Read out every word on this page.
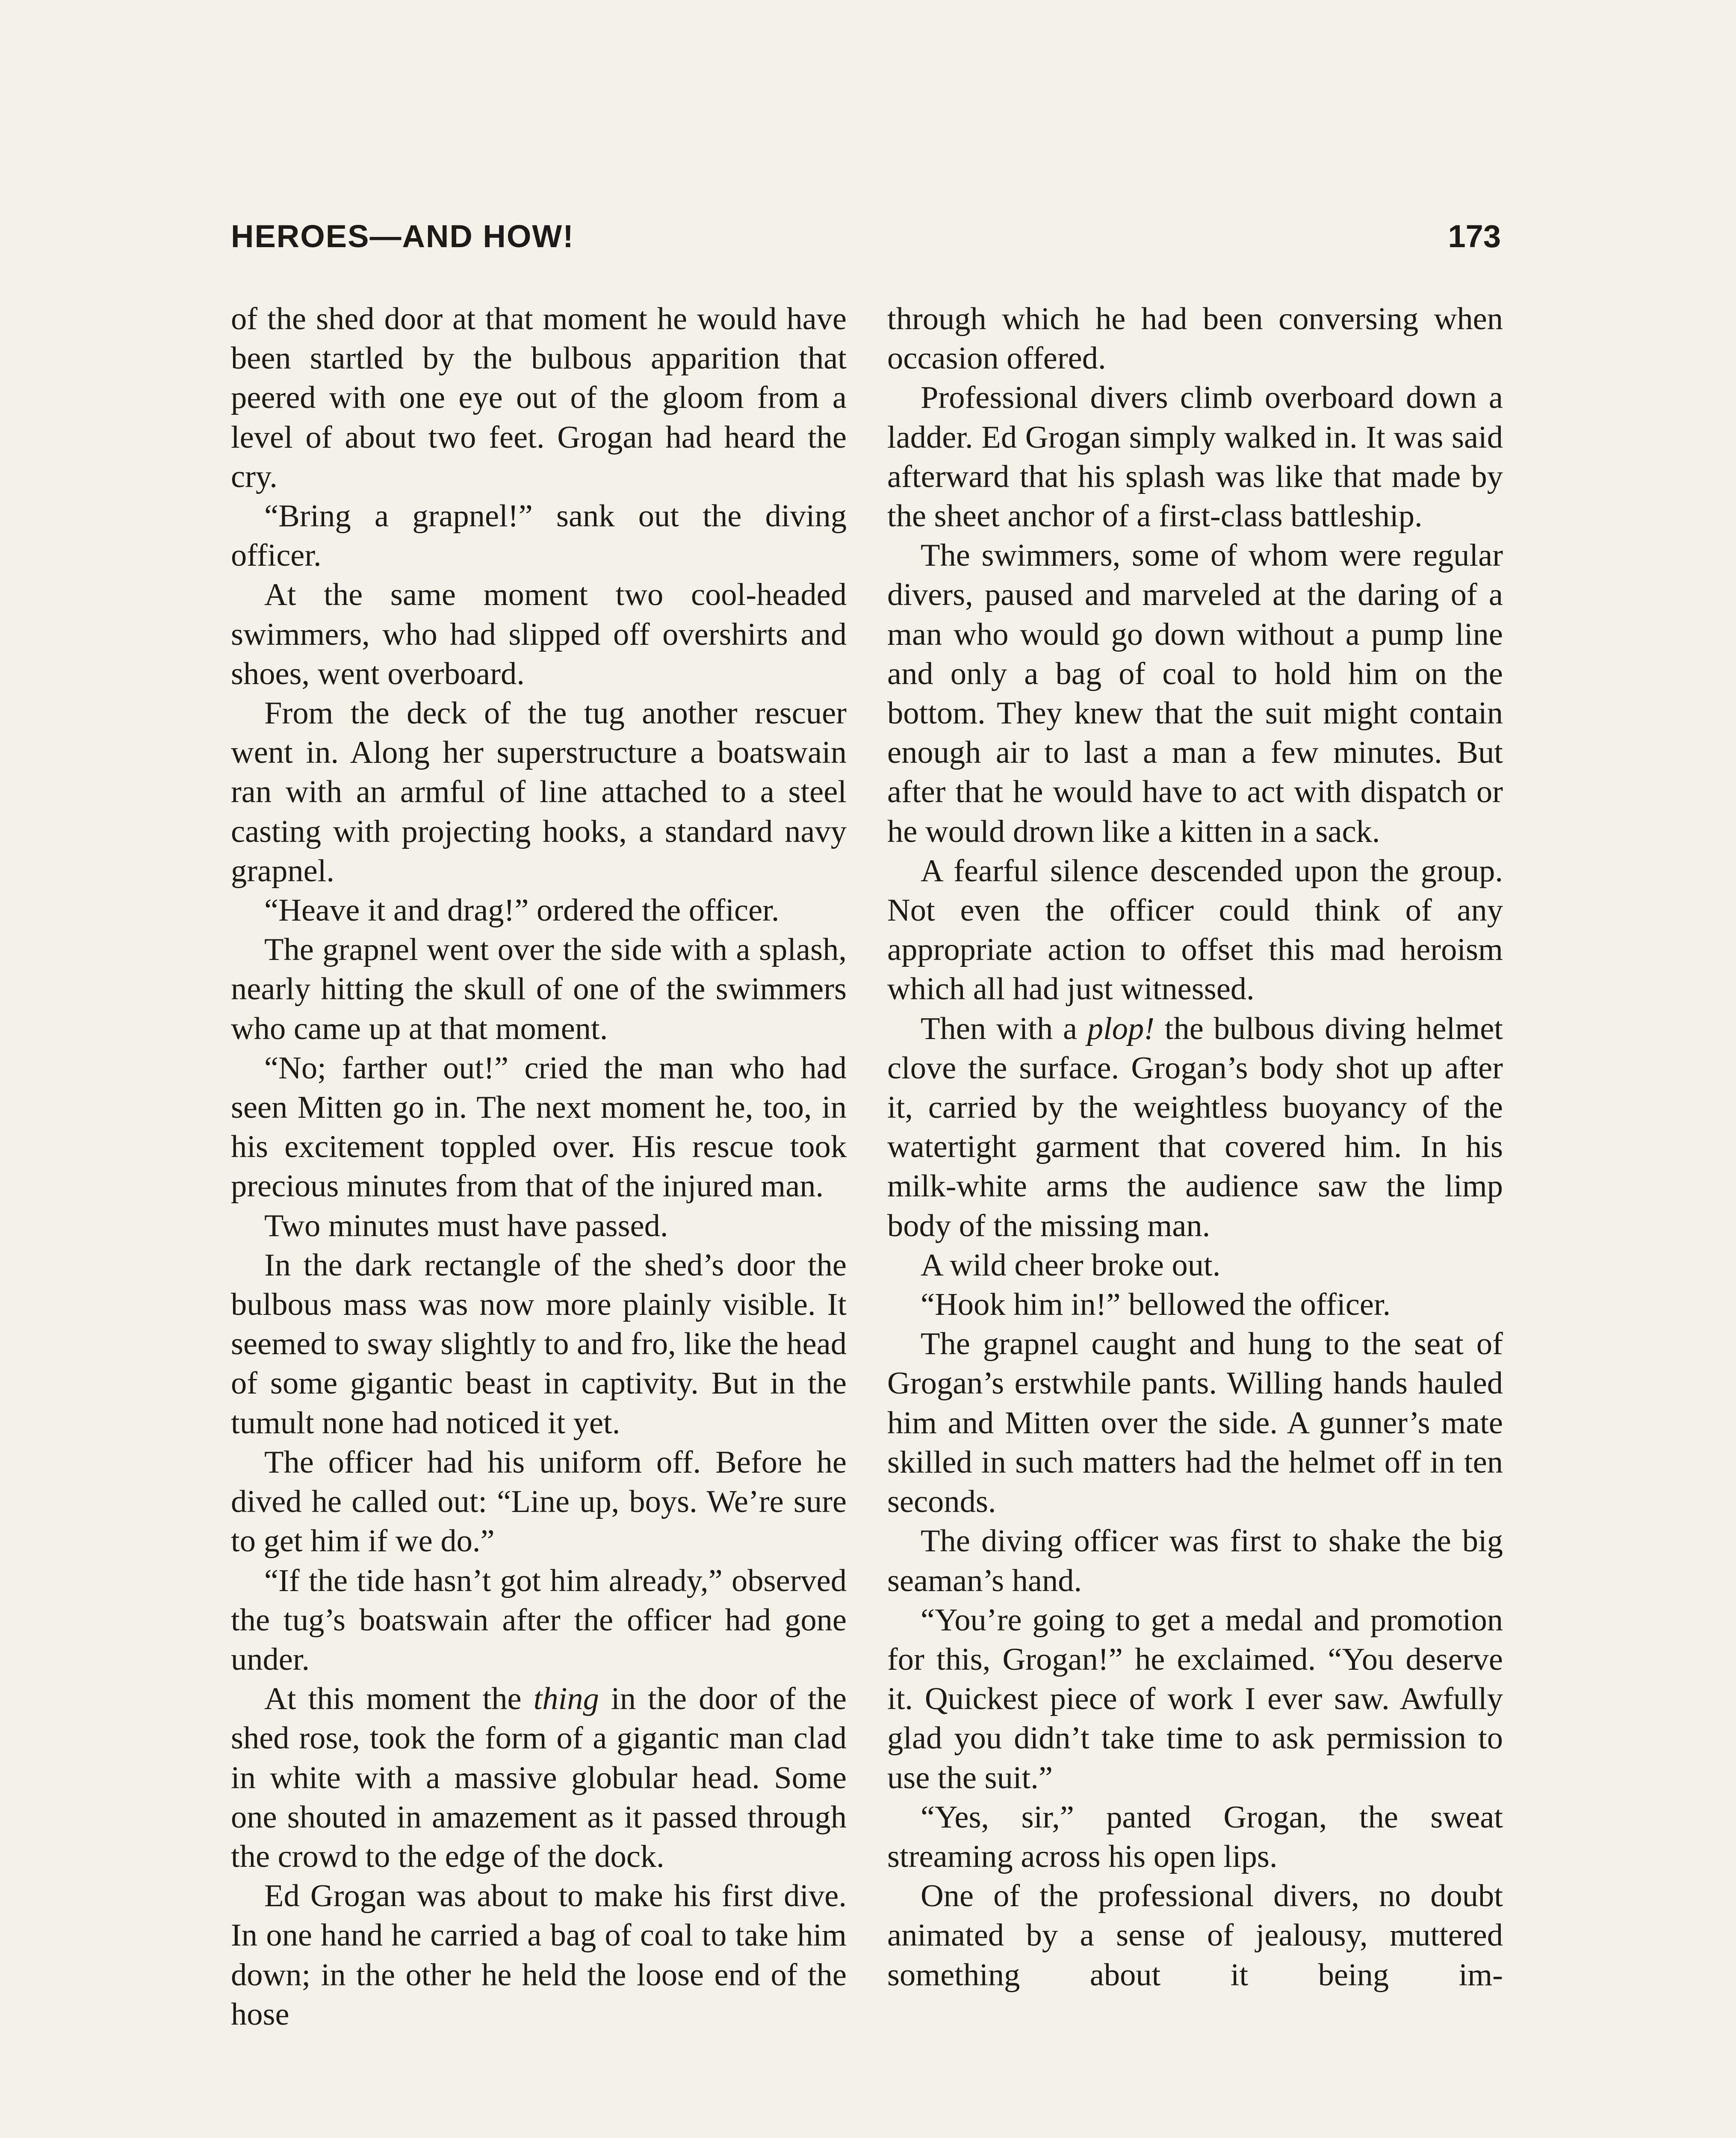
HEROES—AND HOW!	173

of the shed door at that moment he would have been startled by the bulbous apparition that peered with one eye out of the gloom from a level of about two feet. Grogan had heard the cry.

“Bring a grapnel!” sank out the diving officer.

At the same moment two cool-headed swimmers, who had slipped off overshirts and shoes, went overboard.

From the deck of the tug another rescuer went in. Along her superstructure a boatswain ran with an armful of line attached to a steel casting with projecting hooks, a standard navy grapnel.

“Heave it and drag!” ordered the officer.

The grapnel went over the side with a splash, nearly hitting the skull of one of the swimmers who came up at that moment.

“No; farther out!” cried the man who had seen Mitten go in. The next moment he, too, in his excitement toppled over. His rescue took precious minutes from that of the injured man.

Two minutes must have passed.

In the dark rectangle of the shed’s door the bulbous mass was now more plainly visible. It seemed to sway slightly to and fro, like the head of some gigantic beast in captivity. But in the tumult none had noticed it yet.

The officer had his uniform off. Before he dived he called out: “Line up, boys. We’re sure to get him if we do.”

“If the tide hasn’t got him already,” observed the tug’s boatswain after the officer had gone under.

At this moment the thing in the door of the shed rose, took the form of a gigantic man clad in white with a massive globular head. Some one shouted in amazement as it passed through the crowd to the edge of the dock.

Ed Grogan was about to make his first dive. In one hand he carried a bag of coal to take him down; in the other he held the loose end of the hose

through which he had been conversing when occasion offered.

Professional divers climb overboard down a ladder. Ed Grogan simply walked in. It was said afterward that his splash was like that made by the sheet anchor of a first-class battleship.

The swimmers, some of whom were regular divers, paused and marveled at the daring of a man who would go down without a pump line and only a bag of coal to hold him on the bottom. They knew that the suit might contain enough air to last a man a few minutes. But after that he would have to act with dispatch or he would drown like a kitten in a sack.

A fearful silence descended upon the group. Not even the officer could think of any appropriate action to offset this mad heroism which all had just witnessed.

Then with a plop! the bulbous diving helmet clove the surface. Grogan’s body shot up after it, carried by the weightless buoyancy of the watertight garment that covered him. In his milk-white arms the audience saw the limp body of the missing man.

A wild cheer broke out.

“Hook him in!” bellowed the officer.

The grapnel caught and hung to the seat of Grogan’s erstwhile pants. Willing hands hauled him and Mitten over the side. A gunner’s mate skilled in such matters had the helmet off in ten seconds.

The diving officer was first to shake the big seaman’s hand.

“You’re going to get a medal and promotion for this, Grogan!” he exclaimed. “You deserve it. Quickest piece of work I ever saw. Awfully glad you didn’t take time to ask permission to use the suit.”

“Yes, sir,” panted Grogan, the sweat streaming across his open lips.

One of the professional divers, no doubt animated by a sense of jealousy, muttered something about it being im-
